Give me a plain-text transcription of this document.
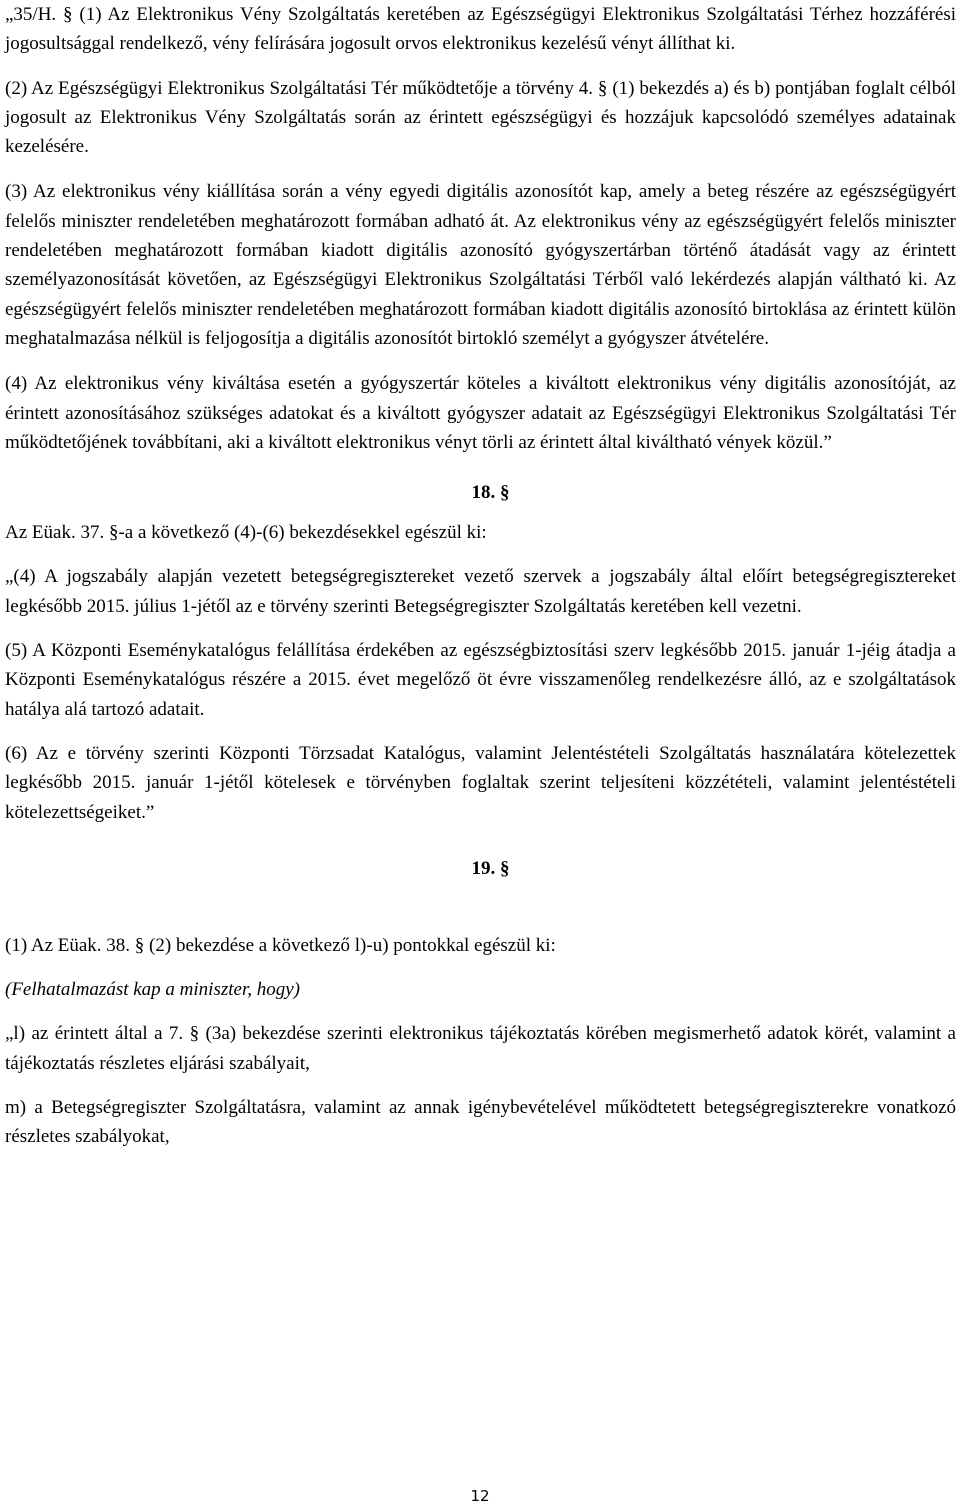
„35/H. § (1) Az Elektronikus Vény Szolgáltatás keretében az Egészségügyi Elektronikus Szolgáltatási Térhez hozzáférési jogosultsággal rendelkező, vény felírására jogosult orvos elektronikus kezelésű vényt állíthat ki.

(2) Az Egészségügyi Elektronikus Szolgáltatási Tér működtetője a törvény 4. § (1) bekezdés a) és b) pontjában foglalt célból jogosult az Elektronikus Vény Szolgáltatás során az érintett egészségügyi és hozzájuk kapcsolódó személyes adatainak kezelésére.

(3) Az elektronikus vény kiállítása során a vény egyedi digitális azonosítót kap, amely a beteg részére az egészségügyért felelős miniszter rendeletében meghatározott formában adható át. Az elektronikus vény az egészségügyért felelős miniszter rendeletében meghatározott formában kiadott digitális azonosító gyógyszertárban történő átadását vagy az érintett személyazonosítását követően, az Egészségügyi Elektronikus Szolgáltatási Térből való lekérdezés alapján váltható ki. Az egészségügyért felelős miniszter rendeletében meghatározott formában kiadott digitális azonosító birtoklása az érintett külön meghatalmazása nélkül is feljogosítja a digitális azonosítót birtokló személyt a gyógyszer átvételére.

(4) Az elektronikus vény kiváltása esetén a gyógyszertár köteles a kiváltott elektronikus vény digitális azonosítóját, az érintett azonosításához szükséges adatokat és a kiváltott gyógyszer adatait az Egészségügyi Elektronikus Szolgáltatási Tér működtetőjének továbbítani, aki a kiváltott elektronikus vényt törli az érintett által kiváltható vények közül.”

18. §

Az Eüak. 37. §-a a következő (4)-(6) bekezdésekkel egészül ki:

„(4) A jogszabály alapján vezetett betegségregisztereket vezető szervek a jogszabály által előírt betegségregisztereket legkésőbb 2015. július 1-jétől az e törvény szerinti Betegségregiszter Szolgáltatás keretében kell vezetni.

(5) A Központi Eseménykatalógus felállítása érdekében az egészségbiztosítási szerv legkésőbb 2015. január 1-jéig átadja a Központi Eseménykatalógus részére a 2015. évet megelőző öt évre visszamenőleg rendelkezésre álló, az e szolgáltatások hatálya alá tartozó adatait.

(6) Az e törvény szerinti Központi Törzsadat Katalógus, valamint Jelentéstételi Szolgáltatás használatára kötelezettek legkésőbb 2015. január 1-jétől kötelesek e törvényben foglaltak szerint teljesíteni közzétételi, valamint jelentéstételi kötelezettségeiket.”

19. §

(1) Az Eüak. 38. § (2) bekezdése a következő l)-u) pontokkal egészül ki:

(Felhatalmazást kap a miniszter, hogy)

„l) az érintett által a 7. § (3a) bekezdése szerinti elektronikus tájékoztatás körében megismerhető adatok körét, valamint a tájékoztatás részletes eljárási szabályait,

m) a Betegségregiszter Szolgáltatásra, valamint az annak igénybevételével működtetett betegségregiszterekre vonatkozó részletes szabályokat,

12
